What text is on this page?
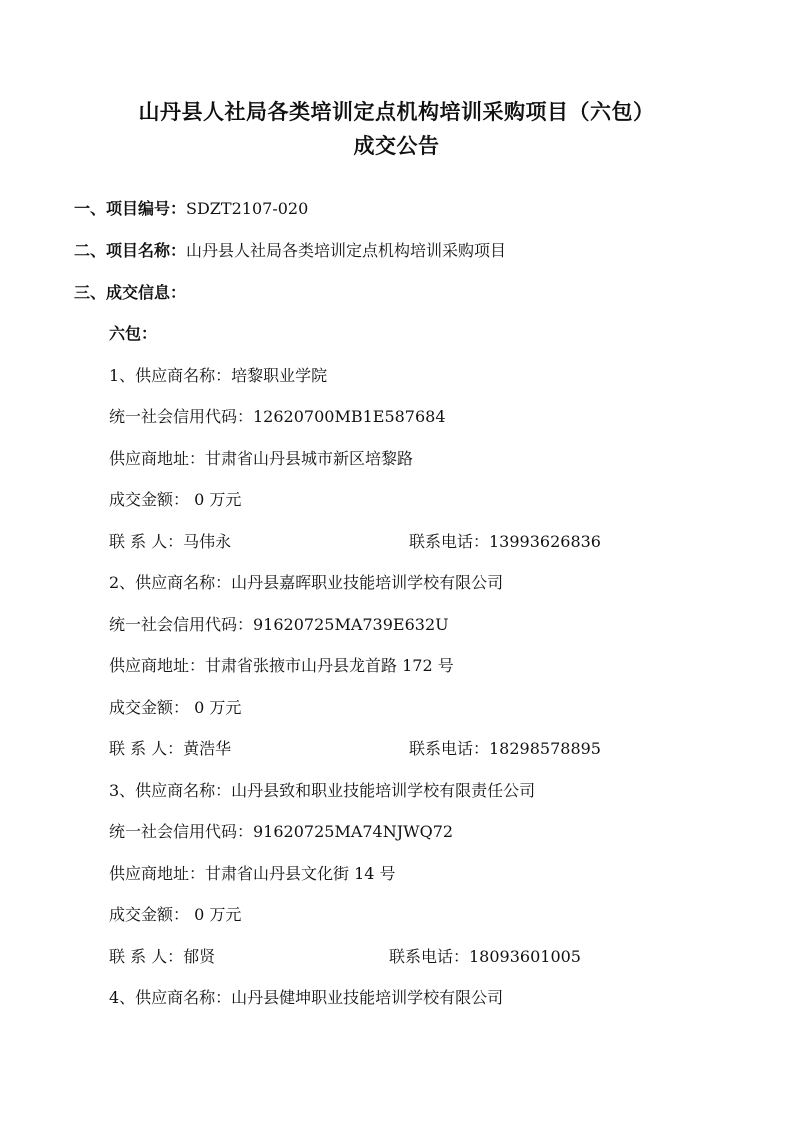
山丹县人社局各类培训定点机构培训采购项目（六包）
成交公告
一、项目编号：SDZT2107-020
二、项目名称：山丹县人社局各类培训定点机构培训采购项目
三、成交信息：
六包：
1、供应商名称：培黎职业学院
统一社会信用代码：12620700MB1E587684
供应商地址：甘肃省山丹县城市新区培黎路
成交金额： 0 万元
联 系 人：马伟永	联系电话：13993626836
2、供应商名称：山丹县嘉晖职业技能培训学校有限公司
统一社会信用代码：91620725MA739E632U
供应商地址：甘肃省张掖市山丹县龙首路 172 号
成交金额： 0 万元
联 系 人：黄浩华	联系电话：18298578895
3、供应商名称：山丹县致和职业技能培训学校有限责任公司
统一社会信用代码：91620725MA74NJWQ72
供应商地址：甘肃省山丹县文化街 14 号
成交金额： 0 万元
联 系 人：郁贤	联系电话：18093601005
4、供应商名称：山丹县健坤职业技能培训学校有限公司
